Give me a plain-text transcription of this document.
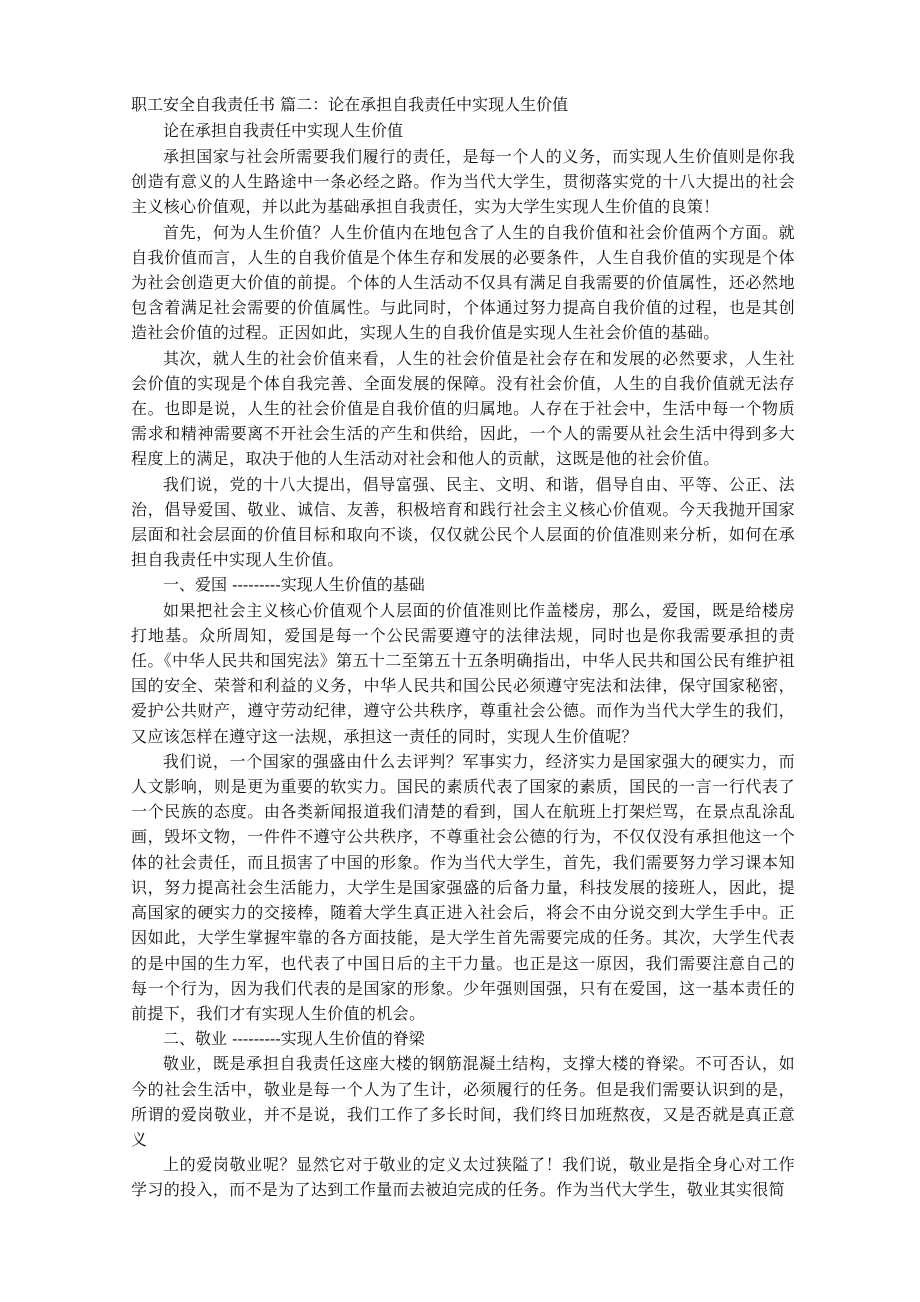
职工安全自我责任书 篇二：论在承担自我责任中实现人生价值

论在承担自我责任中实现人生价值

承担国家与社会所需要我们履行的责任，是每一个人的义务，而实现人生价值则是你我创造有意义的人生路途中一条必经之路。作为当代大学生，贯彻落实党的十八大提出的社会主义核心价值观，并以此为基础承担自我责任，实为大学生实现人生价值的良策！

首先，何为人生价值？人生价值内在地包含了人生的自我价值和社会价值两个方面。就自我价值而言，人生的自我价值是个体生存和发展的必要条件，人生自我价值的实现是个体为社会创造更大价值的前提。个体的人生活动不仅具有满足自我需要的价值属性，还必然地包含着满足社会需要的价值属性。与此同时，个体通过努力提高自我价值的过程，也是其创造社会价值的过程。正因如此，实现人生的自我价值是实现人生社会价值的基础。

其次，就人生的社会价值来看，人生的社会价值是社会存在和发展的必然要求，人生社会价值的实现是个体自我完善、全面发展的保障。没有社会价值，人生的自我价值就无法存在。也即是说，人生的社会价值是自我价值的归属地。人存在于社会中，生活中每一个物质需求和精神需要离不开社会生活的产生和供给，因此，一个人的需要从社会生活中得到多大程度上的满足，取决于他的人生活动对社会和他人的贡献，这既是他的社会价值。

我们说，党的十八大提出，倡导富强、民主、文明、和谐，倡导自由、平等、公正、法治，倡导爱国、敬业、诚信、友善，积极培育和践行社会主义核心价值观。今天我抛开国家层面和社会层面的价值目标和取向不谈，仅仅就公民个人层面的价值准则来分析，如何在承担自我责任中实现人生价值。

一、爱国 ---------实现人生价值的基础

如果把社会主义核心价值观个人层面的价值准则比作盖楼房，那么，爱国，既是给楼房打地基。众所周知，爱国是每一个公民需要遵守的法律法规，同时也是你我需要承担的责任。《中华人民共和国宪法》第五十二至第五十五条明确指出，中华人民共和国公民有维护祖国的安全、荣誉和利益的义务，中华人民共和国公民必须遵守宪法和法律，保守国家秘密，爱护公共财产，遵守劳动纪律，遵守公共秩序，尊重社会公德。而作为当代大学生的我们，又应该怎样在遵守这一法规，承担这一责任的同时，实现人生价值呢？

我们说，一个国家的强盛由什么去评判？军事实力，经济实力是国家强大的硬实力，而人文影响，则是更为重要的软实力。国民的素质代表了国家的素质，国民的一言一行代表了一个民族的态度。由各类新闻报道我们清楚的看到，国人在航班上打架烂骂，在景点乱涂乱画，毁坏文物，一件件不遵守公共秩序，不尊重社会公德的行为，不仅仅没有承担他这一个体的社会责任，而且损害了中国的形象。作为当代大学生，首先，我们需要努力学习课本知识，努力提高社会生活能力，大学生是国家强盛的后备力量，科技发展的接班人，因此，提高国家的硬实力的交接棒，随着大学生真正进入社会后，将会不由分说交到大学生手中。正因如此，大学生掌握牢靠的各方面技能，是大学生首先需要完成的任务。其次，大学生代表的是中国的生力军，也代表了中国日后的主干力量。也正是这一原因，我们需要注意自己的每一个行为，因为我们代表的是国家的形象。少年强则国强，只有在爱国，这一基本责任的前提下，我们才有实现人生价值的机会。

二、敬业 ---------实现人生价值的脊梁

敬业，既是承担自我责任这座大楼的钢筋混凝土结构，支撑大楼的脊梁。不可否认，如今的社会生活中，敬业是每一个人为了生计，必须履行的任务。但是我们需要认识到的是，所谓的爱岗敬业，并不是说，我们工作了多长时间，我们终日加班熬夜，又是否就是真正意义

上的爱岗敬业呢？显然它对于敬业的定义太过狭隘了！我们说，敬业是指全身心对工作学习的投入，而不是为了达到工作量而去被迫完成的任务。作为当代大学生，敬业其实很简
